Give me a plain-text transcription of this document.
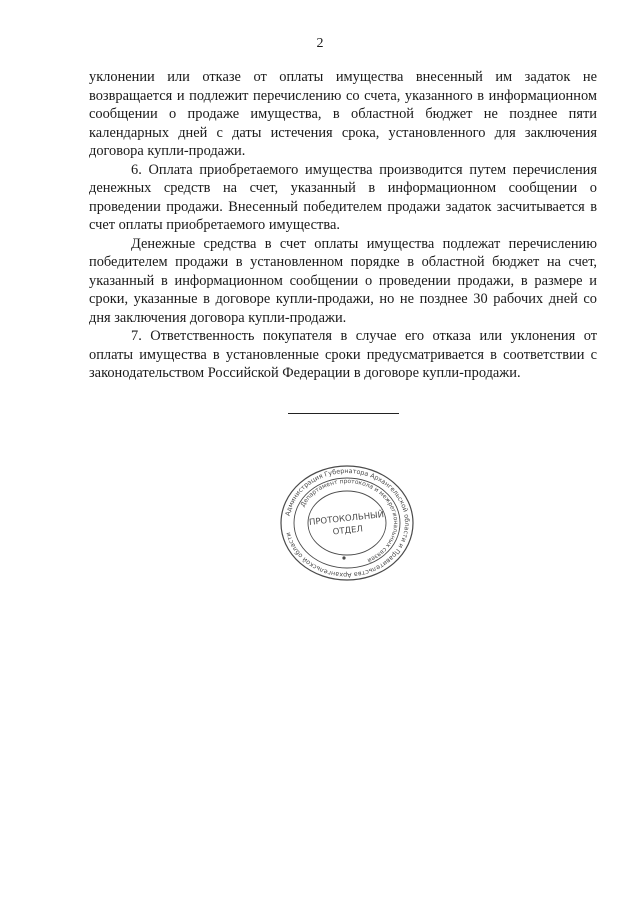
2

уклонении или отказе от оплаты имущества внесенный им задаток не возвращается и подлежит перечислению со счета, указанного в информационном сообщении о продаже имущества, в областной бюджет не позднее пяти календарных дней с даты истечения срока, установленного для заключения договора купли-продажи.

6. Оплата приобретаемого имущества производится путем перечисления денежных средств на счет, указанный в информационном сообщении о проведении продажи. Внесенный победителем продажи задаток засчитывается в счет оплаты приобретаемого имущества.

Денежные средства в счет оплаты имущества подлежат перечислению победителем продажи в установленном порядке в областной бюджет на счет, указанный в информационном сообщении о проведении продажи, в размере и сроки, указанные в договоре купли-продажи, но не позднее 30 рабочих дней со дня заключения договора купли-продажи.

7. Ответственность покупателя в случае его отказа или уклонения от оплаты имущества в установленные сроки предусматривается в соответствии с законодательством Российской Федерации в договоре купли-продажи.

Администрация Губернатора Архангельской области и Правительства Архангельской области
Департамент протокола и межрегиональных связей
ПРОТОКОЛЬНЫЙ
ОТДЕЛ
